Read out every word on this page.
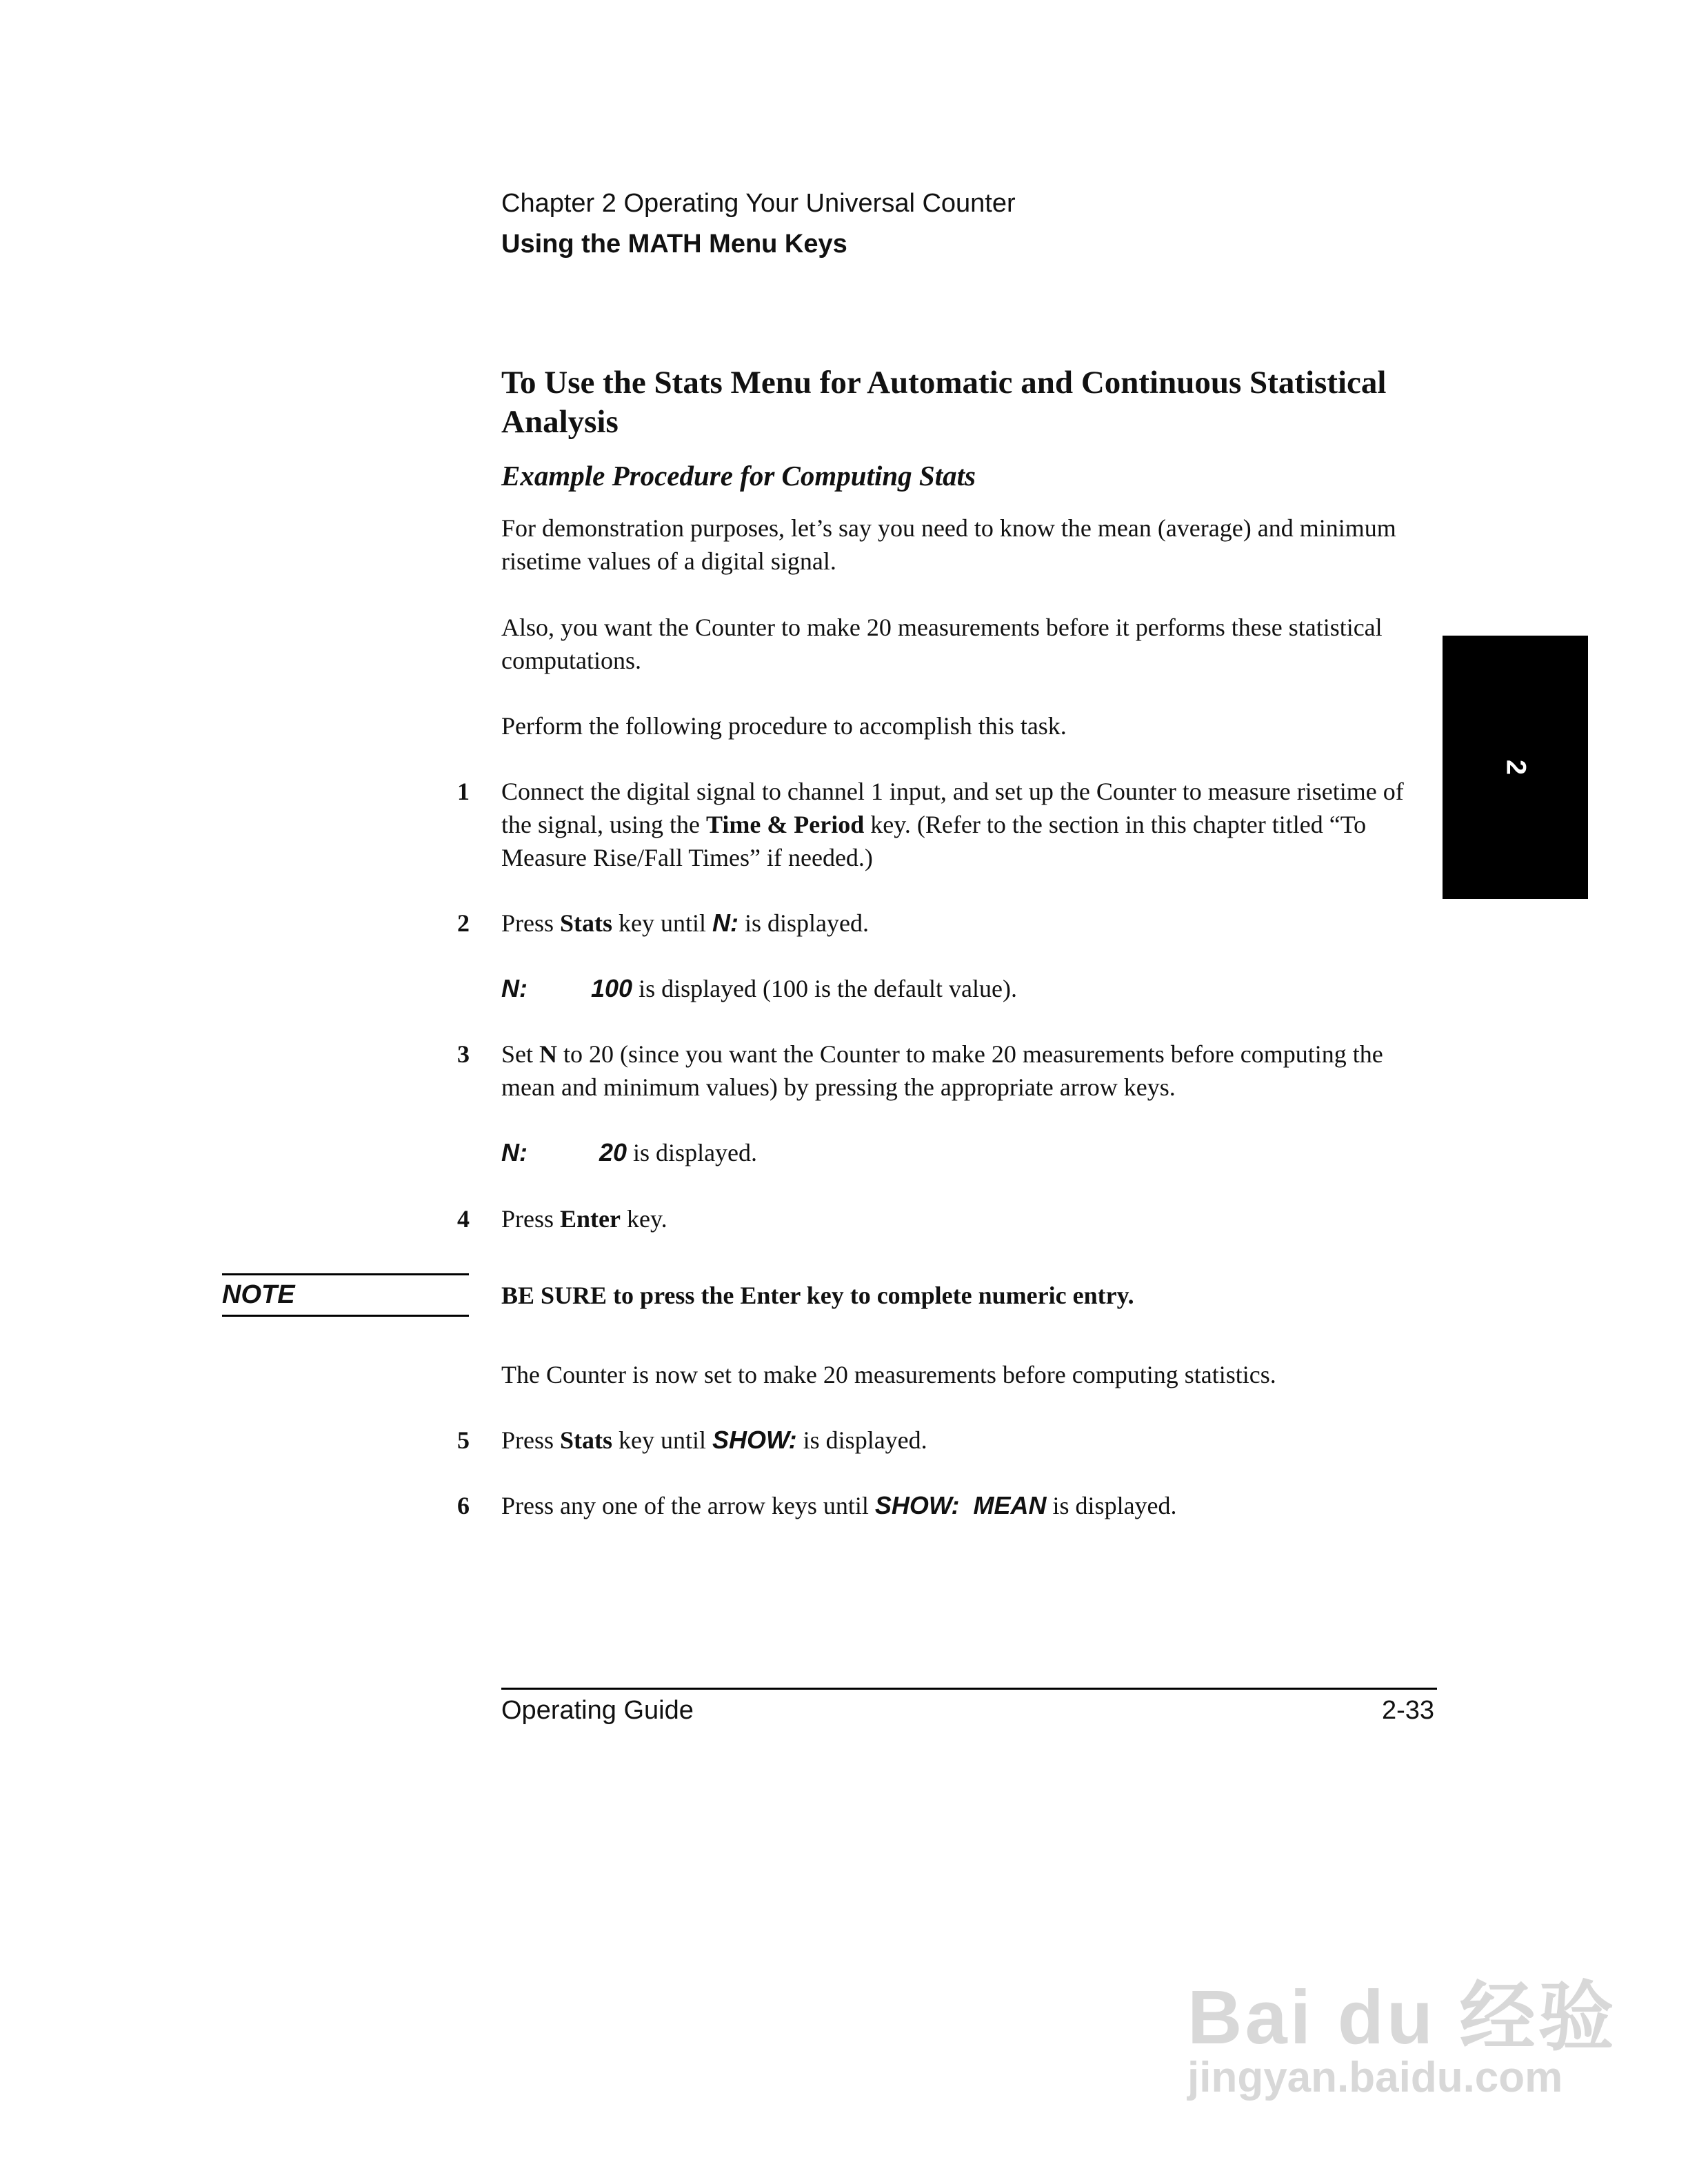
Chapter 2 Operating Your Universal Counter
Using the MATH Menu Keys
To Use the Stats Menu for Automatic and Continuous Statistical Analysis
Example Procedure for Computing Stats
For demonstration purposes, let’s say you need to know the mean (average) and minimum risetime values of a digital signal.
Also, you want the Counter to make 20 measurements before it performs these statistical computations.
Perform the following procedure to accomplish this task.
1 Connect the digital signal to channel 1 input, and set up the Counter to measure risetime of the signal, using the Time & Period key. (Refer to the section in this chapter titled “To Measure Rise/Fall Times” if needed.)
2 Press Stats key until N: is displayed.
N:	100 is displayed (100 is the default value).
3 Set N to 20 (since you want the Counter to make 20 measurements before computing the mean and minimum values) by pressing the appropriate arrow keys.
N:	20 is displayed.
4 Press Enter key.
NOTE	BE SURE to press the Enter key to complete numeric entry.
The Counter is now set to make 20 measurements before computing statistics.
5 Press Stats key until SHOW: is displayed.
6 Press any one of the arrow keys until SHOW:  MEAN is displayed.
2
Operating Guide	2-33
Bai du 经验
jingyan.baidu.com
